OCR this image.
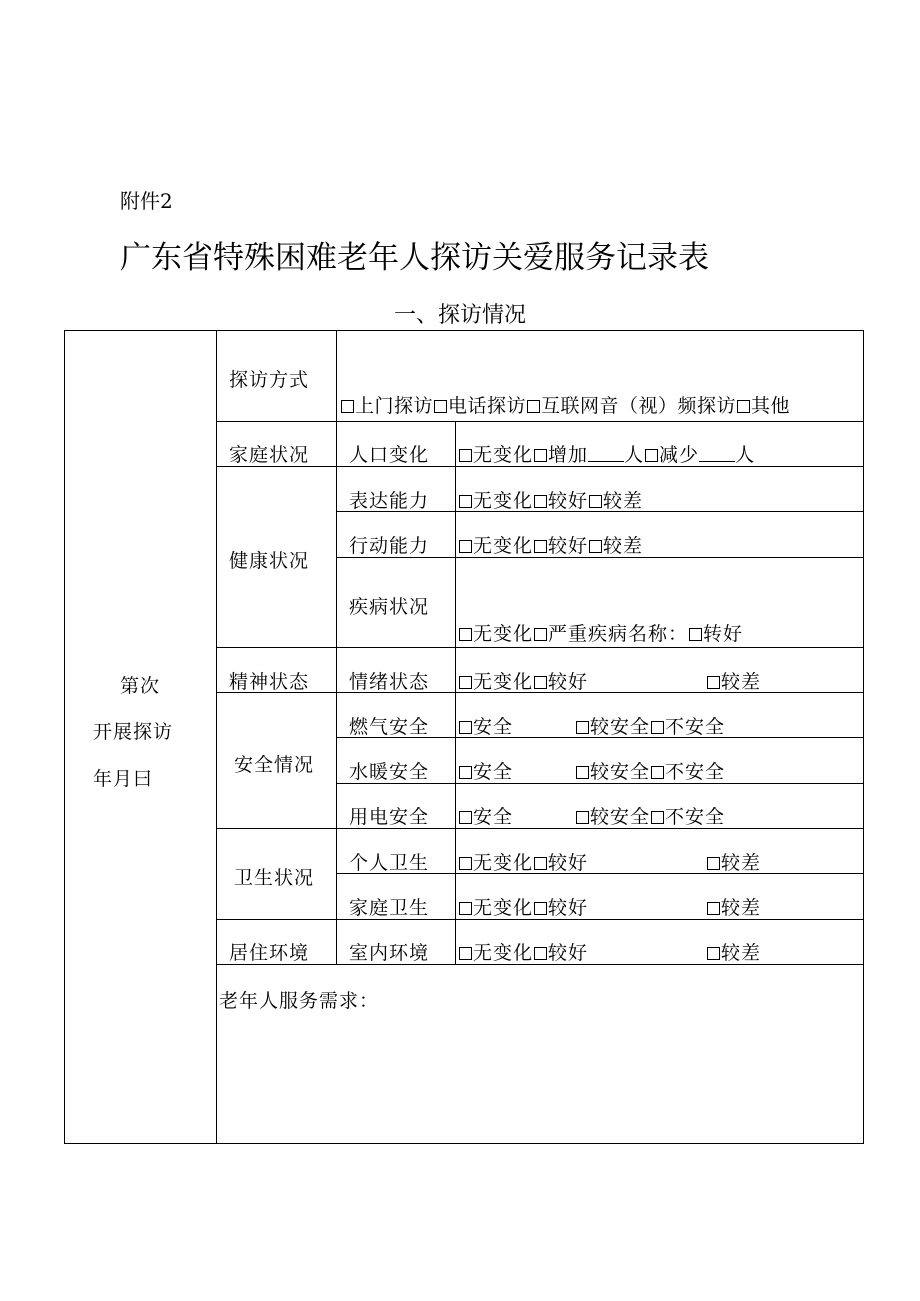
附件2
广东省特殊困难老年人探访关爱服务记录表
一、探访情况
第次
开展探访
年月曰
探访方式
上门探访 电话探访 互联网音（视）频探访 其他
家庭状况 人口变化	无变化 增加 人 减少 人
健康状况
表达能力	无变化 较好 较差
行动能力	无变化 较好 较差
疾病状况
无变化 严重疾病名称： 转好
精神状态 情绪状态	无变化 较好	较差
安全情况
燃气安全	安全	较安全 不安全
水暖安全	安全	较安全 不安全
用电安全	安全	较安全 不安全
卫生状况
个人卫生	无变化 较好	较差
家庭卫生	无变化 较好	较差
居住环境 室内环境	无变化 较好	较差
老年人服务需求：
